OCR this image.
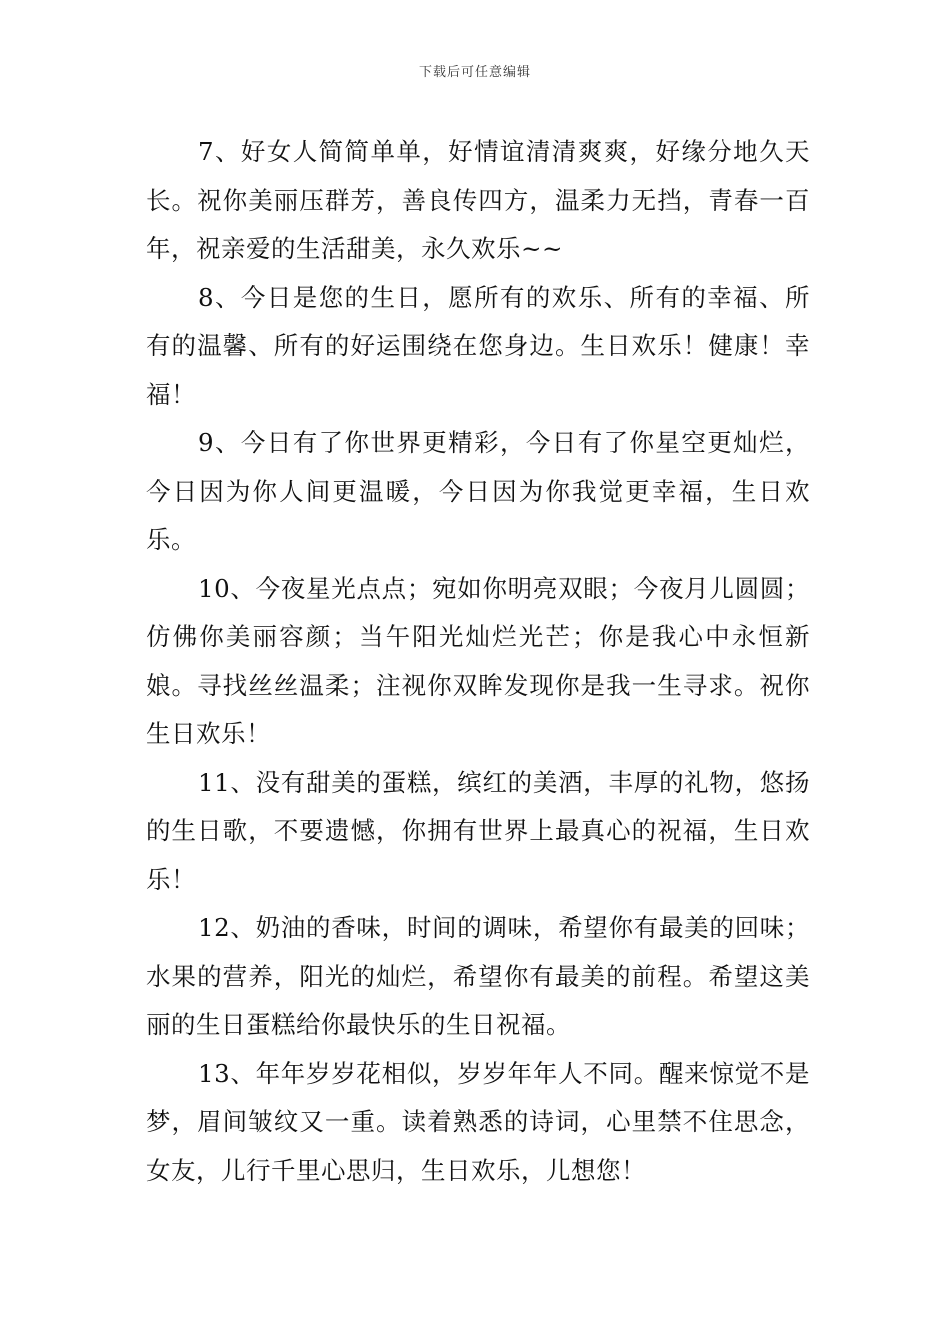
下载后可任意编辑

7、好女人简简单单，好情谊清清爽爽，好缘分地久天长。祝你美丽压群芳，善良传四方，温柔力无挡，青春一百年，祝亲爱的生活甜美，永久欢乐~~

8、今日是您的生日，愿所有的欢乐、所有的幸福、所有的温馨、所有的好运围绕在您身边。生日欢乐！健康！幸福！

9、今日有了你世界更精彩，今日有了你星空更灿烂，今日因为你人间更温暖，今日因为你我觉更幸福，生日欢乐。

10、今夜星光点点；宛如你明亮双眼；今夜月儿圆圆；仿佛你美丽容颜；当午阳光灿烂光芒；你是我心中永恒新娘。寻找丝丝温柔；注视你双眸发现你是我一生寻求。祝你生日欢乐！

11、没有甜美的蛋糕，缤红的美酒，丰厚的礼物，悠扬的生日歌，不要遗憾，你拥有世界上最真心的祝福，生日欢乐！

12、奶油的香味，时间的调味，希望你有最美的回味；水果的营养，阳光的灿烂，希望你有最美的前程。希望这美丽的生日蛋糕给你最快乐的生日祝福。

13、年年岁岁花相似，岁岁年年人不同。醒来惊觉不是梦，眉间皱纹又一重。读着熟悉的诗词，心里禁不住思念，女友，儿行千里心思归，生日欢乐，儿想您！
